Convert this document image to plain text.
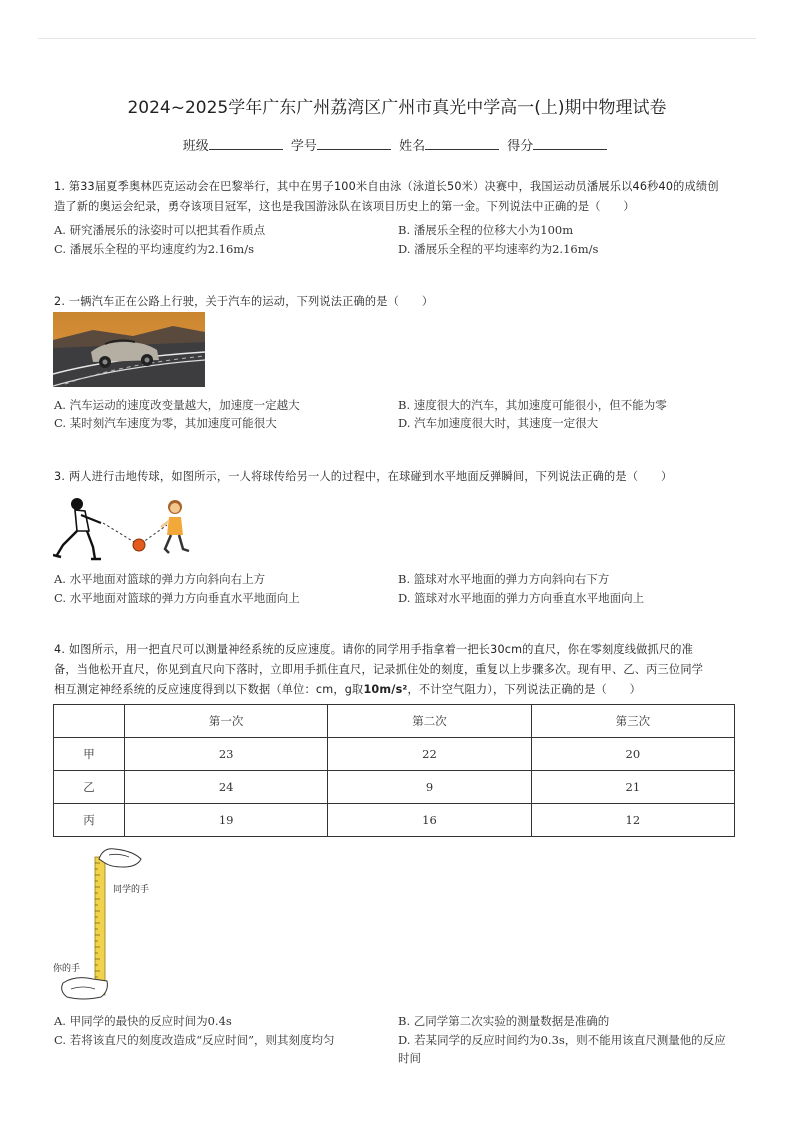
2024~2025学年广东广州荔湾区广州市真光中学高一(上)期中物理试卷
班级	学号	姓名	得分
1. 第33届夏季奥林匹克运动会在巴黎举行，其中在男子100米自由泳（泳道长50米）决赛中，我国运动员潘展乐以46秒40的成绩创
造了新的奥运会纪录，勇夺该项目冠军，这也是我国游泳队在该项目历史上的第一金。下列说法中正确的是（　　）
A. 研究潘展乐的泳姿时可以把其看作质点	B. 潘展乐全程的位移大小为100m
C. 潘展乐全程的平均速度约为2.16m/s	D. 潘展乐全程的平均速率约为2.16m/s
2. 一辆汽车正在公路上行驶，关于汽车的运动，下列说法正确的是（　　）
A. 汽车运动的速度改变量越大，加速度一定越大	B. 速度很大的汽车，其加速度可能很小，但不能为零
C. 某时刻汽车速度为零，其加速度可能很大	D. 汽车加速度很大时，其速度一定很大
3. 两人进行击地传球，如图所示，一人将球传给另一人的过程中，在球碰到水平地面反弹瞬间，下列说法正确的是（　　）
A. 水平地面对篮球的弹力方向斜向右上方	B. 篮球对水平地面的弹力方向斜向右下方
C. 水平地面对篮球的弹力方向垂直水平地面向上	D. 篮球对水平地面的弹力方向垂直水平地面向上
4. 如图所示，用一把直尺可以测量神经系统的反应速度。请你的同学用手指拿着一把长30cm的直尺，你在零刻度线做抓尺的准
备，当他松开直尺，你见到直尺向下落时，立即用手抓住直尺，记录抓住处的刻度，重复以上步骤多次。现有甲、乙、丙三位同学
相互测定神经系统的反应速度得到以下数据（单位：cm，g取10m/s²，不计空气阻力），下列说法正确的是（　　）
	第一次	第二次	第三次
甲	23	22	20
乙	24	9	21
丙	19	16	12
同学的手
你的手
A. 甲同学的最快的反应时间为0.4s	B. 乙同学第二次实验的测量数据是准确的
C. 若将该直尺的刻度改造成“反应时间”，则其刻度均匀	D. 若某同学的反应时间约为0.3s，则不能用该直尺测量他的反应时间
